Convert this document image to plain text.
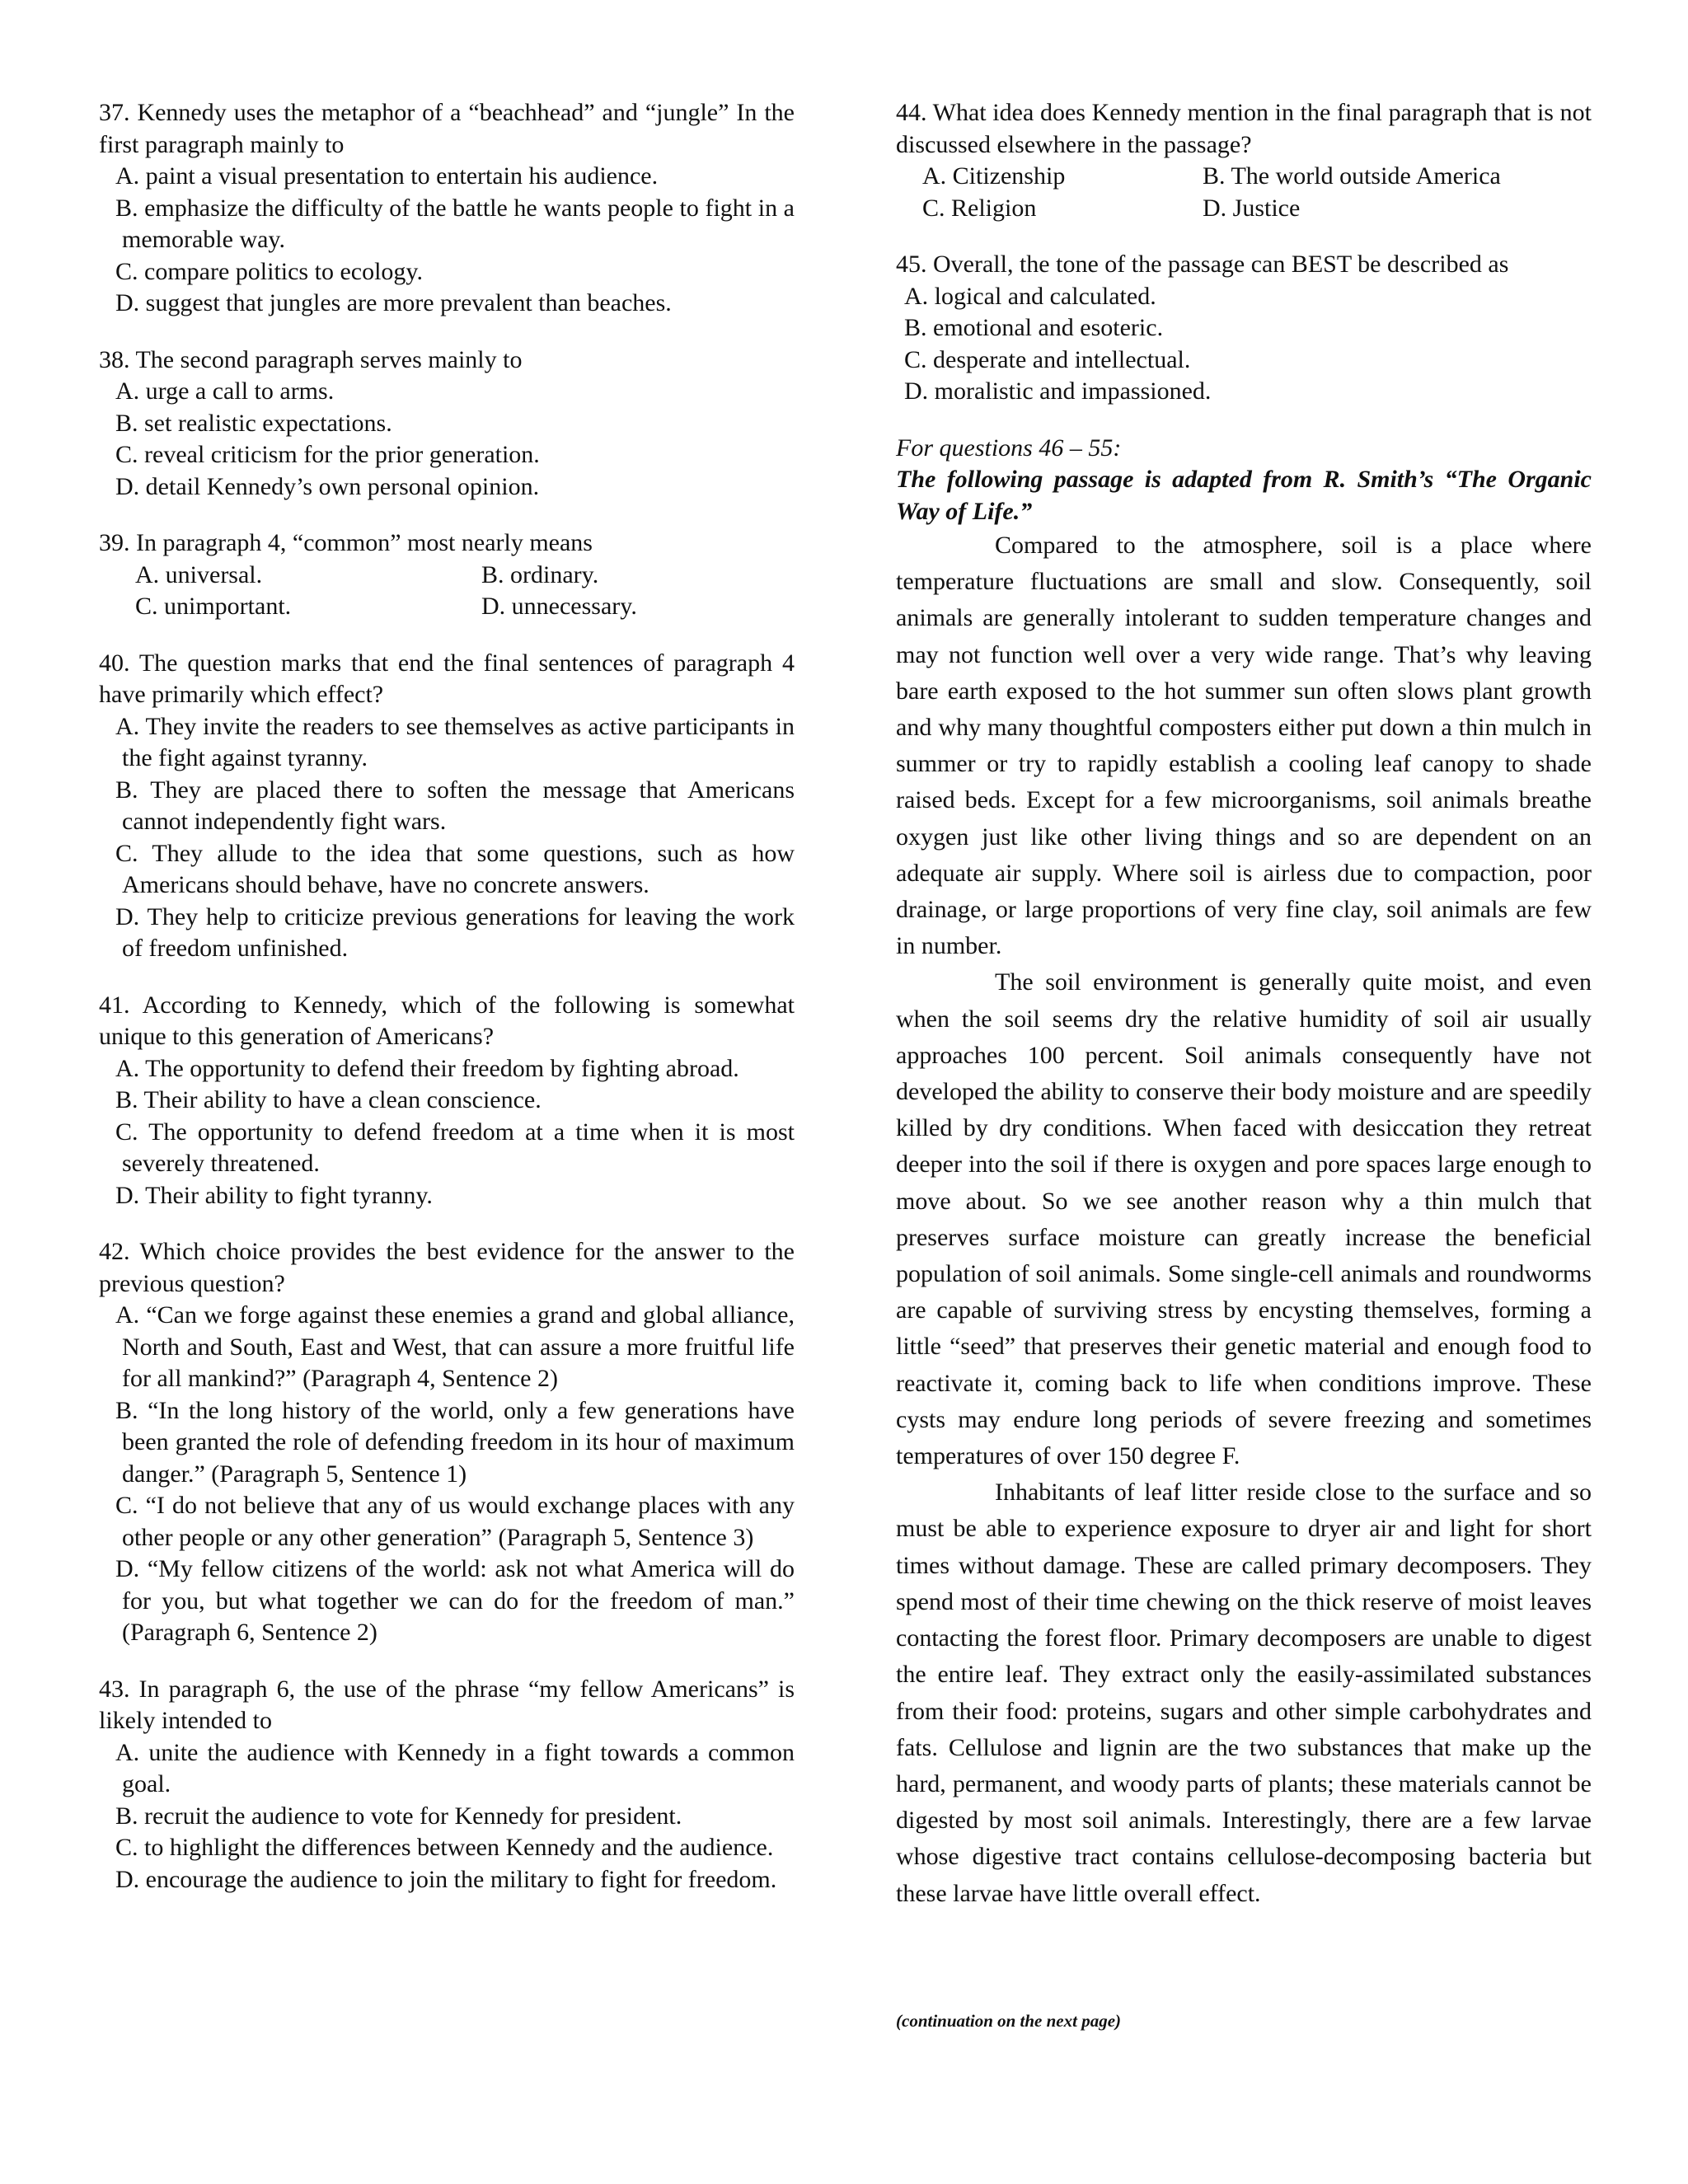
37. Kennedy uses the metaphor of a “beachhead” and “jungle” In the first paragraph mainly to
A. paint a visual presentation to entertain his audience.
B. emphasize the difficulty of the battle he wants people to fight in a memorable way.
C. compare politics to ecology.
D. suggest that jungles are more prevalent than beaches.
38. The second paragraph serves mainly to
A. urge a call to arms.
B. set realistic expectations.
C. reveal criticism for the prior generation.
D. detail Kennedy’s own personal opinion.
39. In paragraph 4, “common” most nearly means
A. universal.	B. ordinary.
C. unimportant.	D. unnecessary.
40. The question marks that end the final sentences of paragraph 4 have primarily which effect?
A. They invite the readers to see themselves as active participants in the fight against tyranny.
B. They are placed there to soften the message that Americans cannot independently fight wars.
C. They allude to the idea that some questions, such as how Americans should behave, have no concrete answers.
D. They help to criticize previous generations for leaving the work of freedom unfinished.
41. According to Kennedy, which of the following is somewhat unique to this generation of Americans?
A. The opportunity to defend their freedom by fighting abroad.
B. Their ability to have a clean conscience.
C. The opportunity to defend freedom at a time when it is most severely threatened.
D. Their ability to fight tyranny.
42. Which choice provides the best evidence for the answer to the previous question?
A. “Can we forge against these enemies a grand and global alliance, North and South, East and West, that can assure a more fruitful life for all mankind?” (Paragraph 4, Sentence 2)
B. “In the long history of the world, only a few generations have been granted the role of defending freedom in its hour of maximum danger.” (Paragraph 5, Sentence 1)
C. “I do not believe that any of us would exchange places with any other people or any other generation” (Paragraph 5, Sentence 3)
D. “My fellow citizens of the world: ask not what America will do for you, but what together we can do for the freedom of man.” (Paragraph 6, Sentence 2)
43. In paragraph 6, the use of the phrase “my fellow Americans” is likely intended to
A. unite the audience with Kennedy in a fight towards a common goal.
B. recruit the audience to vote for Kennedy for president.
C. to highlight the differences between Kennedy and the audience.
D. encourage the audience to join the military to fight for freedom.
44. What idea does Kennedy mention in the final paragraph that is not discussed elsewhere in the passage?
A. Citizenship	B. The world outside America
C. Religion	D. Justice
45. Overall, the tone of the passage can BEST be described as
A. logical and calculated.
B. emotional and esoteric.
C. desperate and intellectual.
D. moralistic and impassioned.
For questions 46 – 55:
The following passage is adapted from R. Smith’s “The Organic Way of Life.”

Compared to the atmosphere, soil is a place where temperature fluctuations are small and slow. Consequently, soil animals are generally intolerant to sudden temperature changes and may not function well over a very wide range. That’s why leaving bare earth exposed to the hot summer sun often slows plant growth and why many thoughtful composters either put down a thin mulch in summer or try to rapidly establish a cooling leaf canopy to shade raised beds. Except for a few microorganisms, soil animals breathe oxygen just like other living things and so are dependent on an adequate air supply. Where soil is airless due to compaction, poor drainage, or large proportions of very fine clay, soil animals are few in number.

The soil environment is generally quite moist, and even when the soil seems dry the relative humidity of soil air usually approaches 100 percent. Soil animals consequently have not developed the ability to conserve their body moisture and are speedily killed by dry conditions. When faced with desiccation they retreat deeper into the soil if there is oxygen and pore spaces large enough to move about. So we see another reason why a thin mulch that preserves surface moisture can greatly increase the beneficial population of soil animals. Some single-cell animals and roundworms are capable of surviving stress by encysting themselves, forming a little “seed” that preserves their genetic material and enough food to reactivate it, coming back to life when conditions improve. These cysts may endure long periods of severe freezing and sometimes temperatures of over 150 degree F.

Inhabitants of leaf litter reside close to the surface and so must be able to experience exposure to dryer air and light for short times without damage. These are called primary decomposers. They spend most of their time chewing on the thick reserve of moist leaves contacting the forest floor. Primary decomposers are unable to digest the entire leaf. They extract only the easily-assimilated substances from their food: proteins, sugars and other simple carbohydrates and fats. Cellulose and lignin are the two substances that make up the hard, permanent, and woody parts of plants; these materials cannot be digested by most soil animals. Interestingly, there are a few larvae whose digestive tract contains cellulose-decomposing bacteria but these larvae have little overall effect.

(continuation on the next page)
